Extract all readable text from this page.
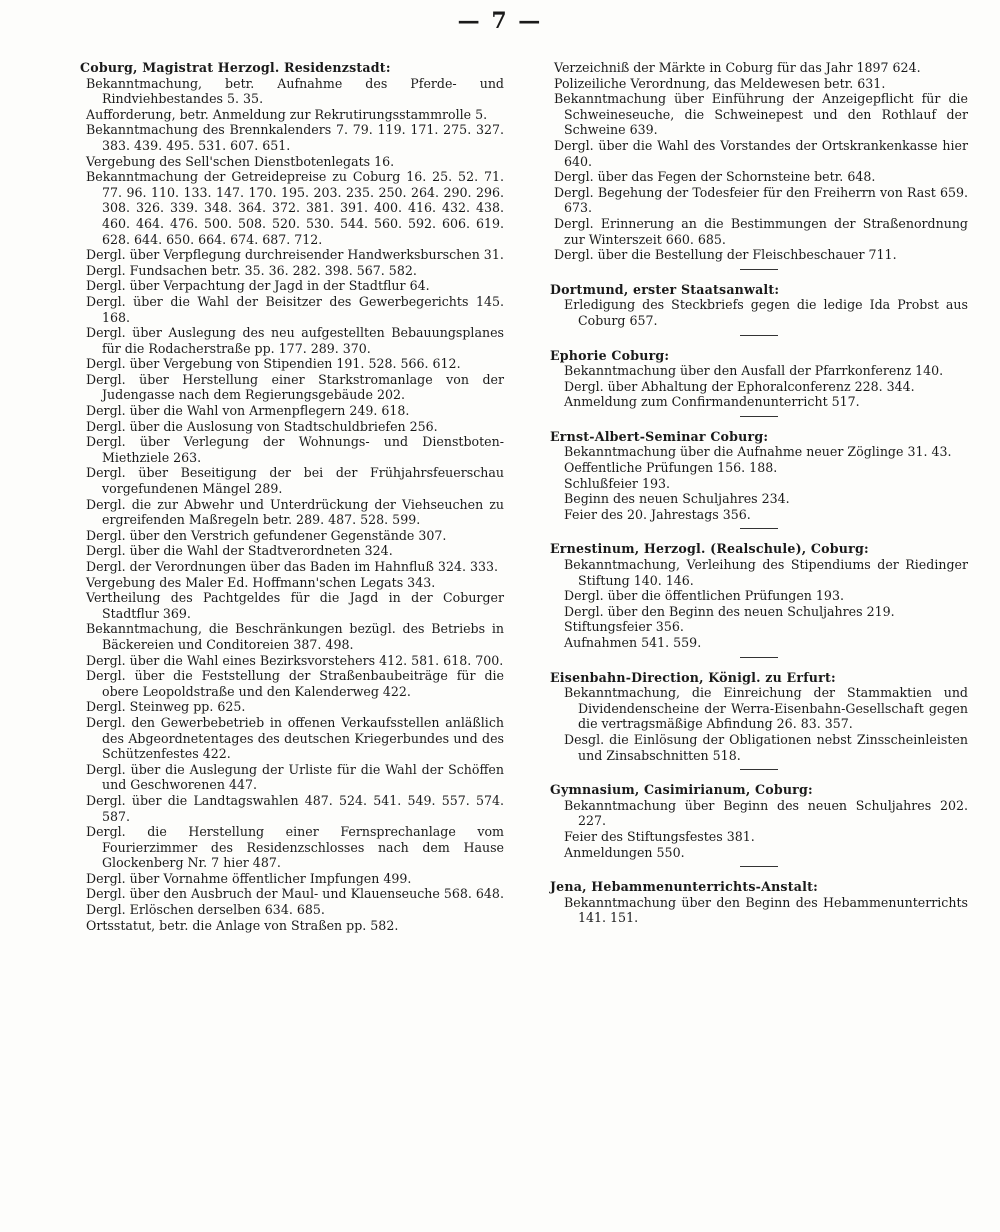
— 7 —
Coburg, Magistrat Herzogl. Residenzstadt:
Bekanntmachung, betr. Aufnahme des Pferde- und Rindviehbestandes 5. 35.
Aufforderung, betr. Anmeldung zur Rekrutirungsstammrolle 5.
Bekanntmachung des Brennkalenders 7. 79. 119. 171. 275. 327. 383. 439. 495. 531. 607. 651.
Vergebung des Sell'schen Dienstbotenlegats 16.
Bekanntmachung der Getreidepreise zu Coburg 16. 25. 52. 71. 77. 96. 110. 133. 147. 170. 195. 203. 235. 250. 264. 290. 296. 308. 326. 339. 348. 364. 372. 381. 391. 400. 416. 432. 438. 460. 464. 476. 500. 508. 520. 530. 544. 560. 592. 606. 619. 628. 644. 650. 664. 674. 687. 712.
Dergl. über Verpflegung durchreisender Handwerksburschen 31.
Dergl. Fundsachen betr. 35. 36. 282. 398. 567. 582.
Dergl. über Verpachtung der Jagd in der Stadtflur 64.
Dergl. über die Wahl der Beisitzer des Gewerbegerichts 145. 168.
Dergl. über Auslegung des neu aufgestellten Bebauungsplanes für die Rodacherstraße pp. 177. 289. 370.
Dergl. über Vergebung von Stipendien 191. 528. 566. 612.
Dergl. über Herstellung einer Starkstromanlage von der Judengasse nach dem Regierungsgebäude 202.
Dergl. über die Wahl von Armenpflegern 249. 618.
Dergl. über die Auslosung von Stadtschuldbriefen 256.
Dergl. über Verlegung der Wohnungs- und Dienstboten-Miethziele 263.
Dergl. über Beseitigung der bei der Frühjahrsfeuerschau vorgefundenen Mängel 289.
Dergl. die zur Abwehr und Unterdrückung der Viehseuchen zu ergreifenden Maßregeln betr. 289. 487. 528. 599.
Dergl. über den Verstrich gefundener Gegenstände 307.
Dergl. über die Wahl der Stadtverordneten 324.
Dergl. der Verordnungen über das Baden im Hahnfluß 324. 333.
Vergebung des Maler Ed. Hoffmann'schen Legats 343.
Vertheilung des Pachtgeldes für die Jagd in der Coburger Stadtflur 369.
Bekanntmachung, die Beschränkungen bezügl. des Betriebs in Bäckereien und Conditoreien 387. 498.
Dergl. über die Wahl eines Bezirksvorstehers 412. 581. 618. 700.
Dergl. über die Feststellung der Straßenbaubeiträge für die obere Leopoldstraße und den Kalenderweg 422.
Dergl. Steinweg pp. 625.
Dergl. den Gewerbebetrieb in offenen Verkaufsstellen anläßlich des Abgeordnetentages des deutschen Kriegerbundes und des Schützenfestes 422.
Dergl. über die Auslegung der Urliste für die Wahl der Schöffen und Geschworenen 447.
Dergl. über die Landtagswahlen 487. 524. 541. 549. 557. 574. 587.
Dergl. die Herstellung einer Fernsprechanlage vom Fourierzimmer des Residenzschlosses nach dem Hause Glockenberg Nr. 7 hier 487.
Dergl. über Vornahme öffentlicher Impfungen 499.
Dergl. über den Ausbruch der Maul- und Klauenseuche 568. 648.
Dergl. Erlöschen derselben 634. 685.
Ortsstatut, betr. die Anlage von Straßen pp. 582.
Verzeichniß der Märkte in Coburg für das Jahr 1897 624.
Polizeiliche Verordnung, das Meldewesen betr. 631.
Bekanntmachung über Einführung der Anzeigepflicht für die Schweineseuche, die Schweinepest und den Rothlauf der Schweine 639.
Dergl. über die Wahl des Vorstandes der Ortskrankenkasse hier 640.
Dergl. über das Fegen der Schornsteine betr. 648.
Dergl. Begehung der Todesfeier für den Freiherrn von Rast 659. 673.
Dergl. Erinnerung an die Bestimmungen der Straßenordnung zur Winterszeit 660. 685.
Dergl. über die Bestellung der Fleischbeschauer 711.
Dortmund, erster Staatsanwalt:
Erledigung des Steckbriefs gegen die ledige Ida Probst aus Coburg 657.
Ephorie Coburg:
Bekanntmachung über den Ausfall der Pfarrkonferenz 140.
Dergl. über Abhaltung der Ephoralconferenz 228. 344.
Anmeldung zum Confirmandenunterricht 517.
Ernst-Albert-Seminar Coburg:
Bekanntmachung über die Aufnahme neuer Zöglinge 31. 43.
Oeffentliche Prüfungen 156. 188.
Schlußfeier 193.
Beginn des neuen Schuljahres 234.
Feier des 20. Jahrestags 356.
Ernestinum, Herzogl. (Realschule), Coburg:
Bekanntmachung, Verleihung des Stipendiums der Riedinger Stiftung 140. 146.
Dergl. über die öffentlichen Prüfungen 193.
Dergl. über den Beginn des neuen Schuljahres 219.
Stiftungsfeier 356.
Aufnahmen 541. 559.
Eisenbahn-Direction, Königl. zu Erfurt:
Bekanntmachung, die Einreichung der Stammaktien und Dividendenscheine der Werra-Eisenbahn-Gesellschaft gegen die vertragsmäßige Abfindung 26. 83. 357.
Desgl. die Einlösung der Obligationen nebst Zinsscheinleisten und Zinsabschnitten 518.
Gymnasium, Casimirianum, Coburg:
Bekanntmachung über Beginn des neuen Schuljahres 202. 227.
Feier des Stiftungsfestes 381.
Anmeldungen 550.
Jena, Hebammenunterrichts-Anstalt:
Bekanntmachung über den Beginn des Hebammenunterrichts 141. 151.
